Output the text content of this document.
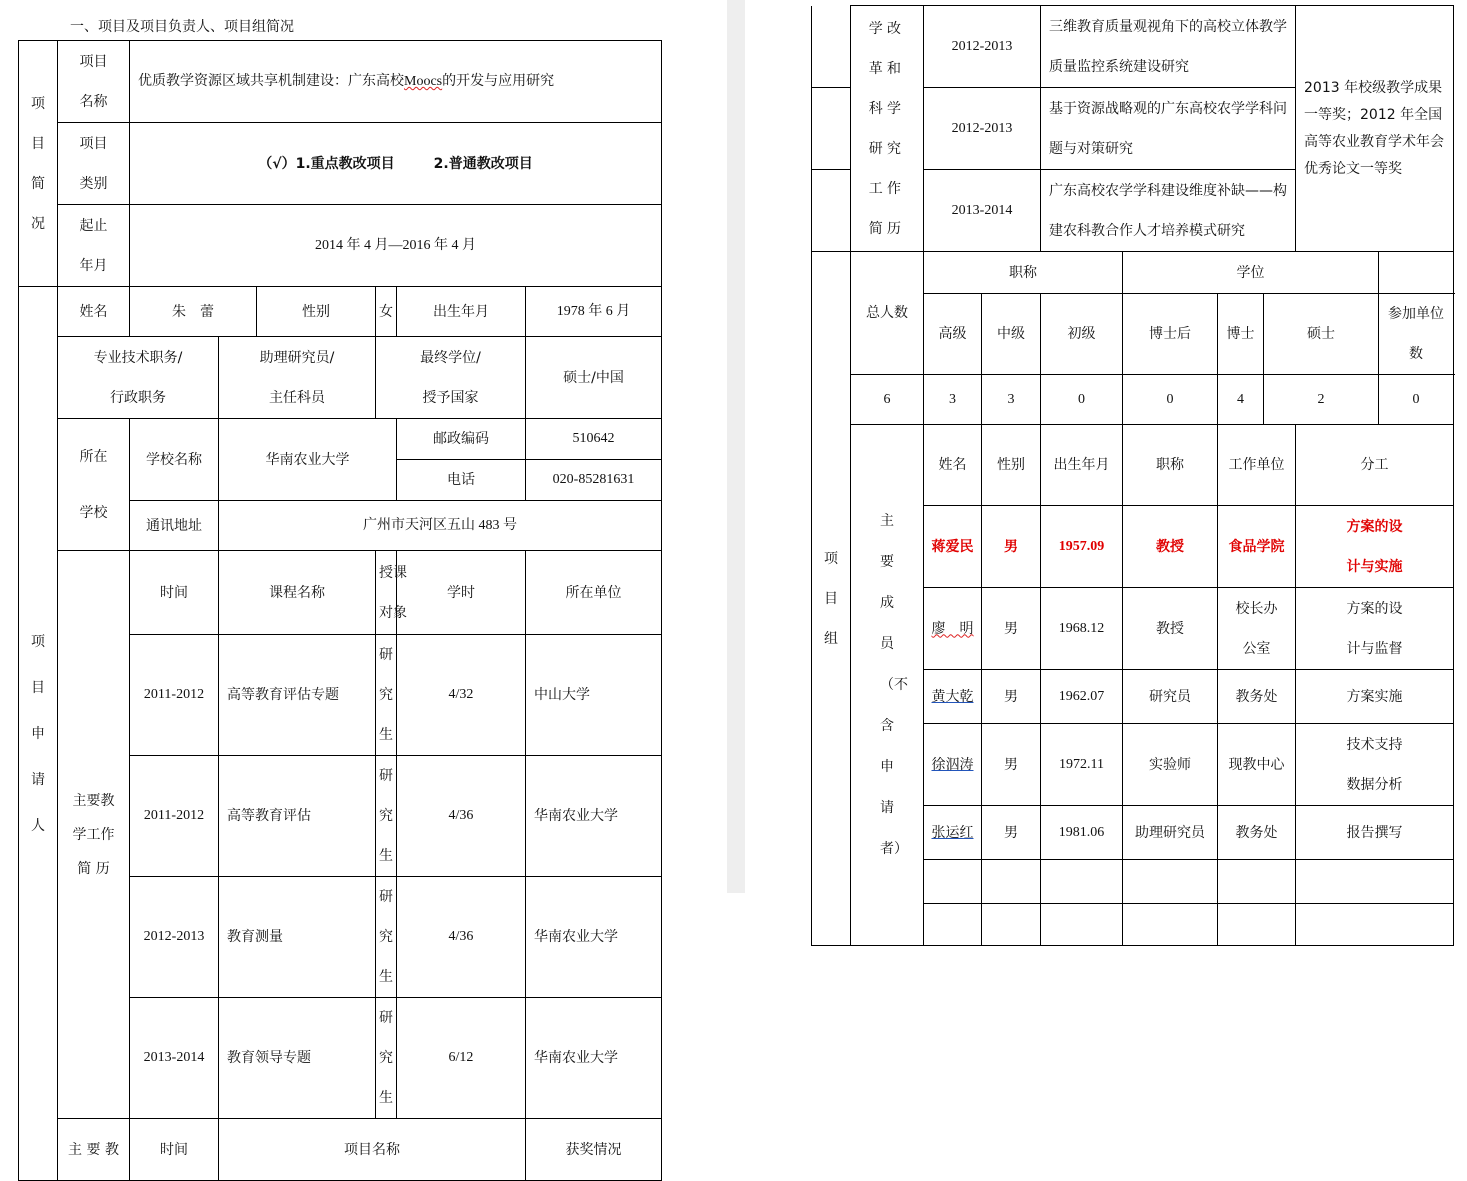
一、项目及项目负责人、项目组简况
项目简况	项目名称	优质教学资源区域共享机制建设：广东高校Moocs的开发与应用研究					

	项目类别	（√）1.重点教改项目        2.普通教改项目					

	起止年月	2014 年 4 月—2016 年 4 月					

项目申请人	姓名	朱　蕾		性别	女	出生年月	1978 年 6 月

	专业技术职务/行政职务		助理研究员/主任科员		最终学位/授予国家		硕士/中国

	所在学校	学校名称	华南农业大学			邮政编码	510642
						电话	020-85281631
		通讯地址	广州市天河区五山 483 号				

	主要教学工作简 历	时间	课程名称		授课对象	学时	所在单位
		2011-2012	高等教育评估专题		研究生	4/32	中山大学
		2011-2012	高等教育评估		研究生	4/36	华南农业大学
		2012-2013	教育测量		研究生	4/36	华南农业大学
		2013-2014	教育领导专题		研究生	6/12	华南农业大学
	主 要 教	时间	项目名称				获奖情况

	学改革和科学研究工作简历	2012-2013		三维教育质量观视角下的高校立体教学质量监控系统建设研究				2013 年校级教学成果一等奖；2012 年全国高等农业教育学术年会优秀论文一等奖		

		2012-2013		基于资源战略观的广东高校农学学科问题与对策研究						

		2013-2014		广东高校农学学科建设维度补缺——构建农科教合作人才培养模式研究						

项目组	总人数	职称			学位					
		高级	中级	初级	博士后	博士	硕士		参加单位数	
	6	3	3	0	0	4	2		0	

	主要成员（不含申请者）	姓名	性别	出生年月	职称	工作单位		分工	
		蒋爱民	男	1957.09	教授	食品学院		方案的设计与实施		

		廖　明	男	1968.12	教授	校长办公室		方案的设计与监督		

		黄大乾	男	1962.07	研究员	教务处		方案实施		
		徐泅涛	男	1972.11	实验师	现教中心		技术支持数据分析		

		张运红	男	1981.06	助理研究员	教务处		报告撰写		
